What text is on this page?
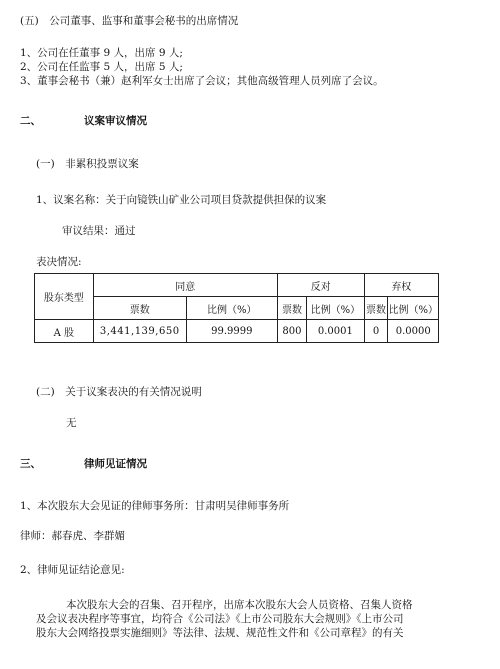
(五)　公司董事、监事和董事会秘书的出席情况
1、公司在任董事 9 人，出席 9 人;
2、公司在任监事 5 人，出席 5 人;
3、董事会秘书（兼）赵利军女士出席了会议；其他高级管理人员列席了会议。
二、	议案审议情况
(一)　非累积投票议案
1、议案名称：关于向镜铁山矿业公司项目贷款提供担保的议案
审议结果：通过
表决情况:
股东类型	同意		反对		弃权	
	票数	比例（%）	票数	比例（%）	票数	比例（%）
A 股	3,441,139,650	99.9999	800	0.0001	0	0.0000
(二)　关于议案表决的有关情况说明
无
三、	律师见证情况
1、本次股东大会见证的律师事务所：甘肃明吴律师事务所
律师：郝春虎、李群媚
2、律师见证结论意见:
本次股东大会的召集、召开程序，出席本次股东大会人员资格、召集人资格
及会议表决程序等事宜，均符合《公司法》《上市公司股东大会规则》《上市公司
股东大会网络投票实施细则》等法律、法规、规范性文件和《公司章程》的有关
